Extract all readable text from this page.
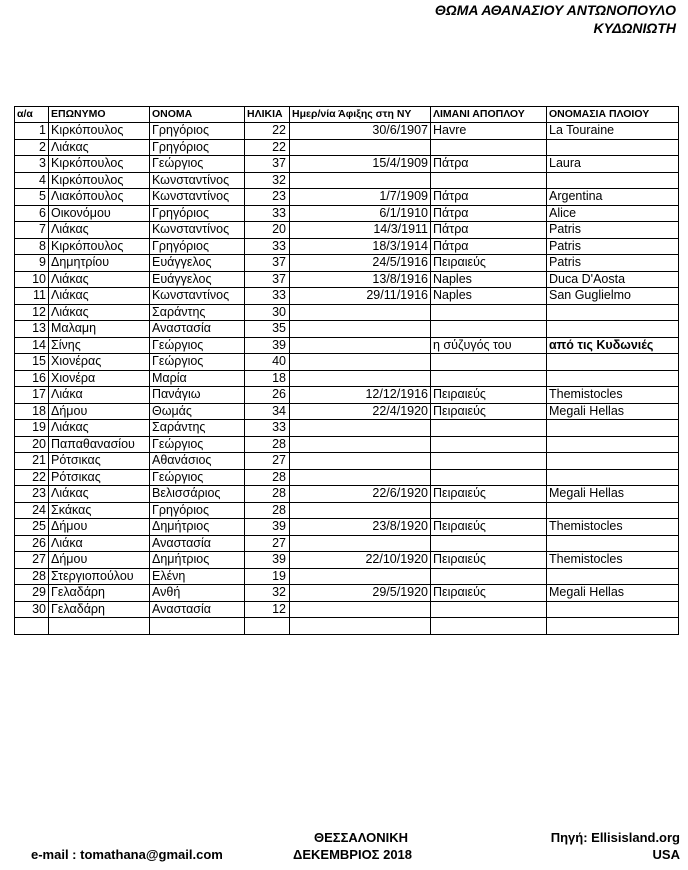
ΘΩΜΑ ΑΘΑΝΑΣΙΟΥ ΑΝΤΩΝΟΠΟΥΛΟ
ΚΥΔΩΝΙΩΤΗ
α/α	ΕΠΩΝΥΜΟ	ΟΝΟΜΑ	ΗΛΙΚΙΑ	Ημερ/νία Άφιξης στη ΝΥ	ΛΙΜΑΝΙ ΑΠΟΠΛΟΥ	ΟΝΟΜΑΣΙΑ ΠΛΟΙΟΥ
1	Κιρκόπουλος	Γρηγόριος	22	30/6/1907	Havre	La Touraine
2	Λιάκας	Γρηγόριος	22			
3	Κιρκόπουλος	Γεώργιος	37	15/4/1909	Πάτρα	Laura
4	Κιρκόπουλος	Κωνσταντίνος	32			
5	Λιακόπουλος	Κωνσταντίνος	23	1/7/1909	Πάτρα	Argentina
6	Οικονόμου	Γρηγόριος	33	6/1/1910	Πάτρα	Alice
7	Λιάκας	Κωνσταντίνος	20	14/3/1911	Πάτρα	Patris
8	Κιρκόπουλος	Γρηγόριος	33	18/3/1914	Πάτρα	Patris
9	Δημητρίου	Ευάγγελος	37	24/5/1916	Πειραιεύς	Patris
10	Λιάκας	Ευάγγελος	37	13/8/1916	Naples	Duca D'Aosta
11	Λιάκας	Κωνσταντίνος	33	29/11/1916	Naples	San Guglielmo
12	Λιάκας	Σαράντης	30			
13	Μαλαμη	Αναστασία	35			
14	Σίνης	Γεώργιος	39		η σύζυγός του	από τις Κυδωνιές
15	Χιονέρας	Γεώργιος	40			
16	Χιονέρα	Μαρία	18			
17	Λιάκα	Πανάγιω	26	12/12/1916	Πειραιεύς	Themistocles
18	Δήμου	Θωμάς	34	22/4/1920	Πειραιεύς	Megali Hellas
19	Λιάκας	Σαράντης	33			
20	Παπαθανασίου	Γεώργιος	28			
21	Ρότσικας	Αθανάσιος	27			
22	Ρότσικας	Γεώργιος	28			
23	Λιάκας	Βελισσάριος	28	22/6/1920	Πειραιεύς	Megali Hellas
24	Σκάκας	Γρηγόριος	28			
25	Δήμου	Δημήτριος	39	23/8/1920	Πειραιεύς	Themistocles
26	Λιάκα	Αναστασία	27			
27	Δήμου	Δημήτριος	39	22/10/1920	Πειραιεύς	Themistocles
28	Στεργιοπούλου	Ελένη	19			
29	Γελαδάρη	Ανθή	32	29/5/1920	Πειραιεύς	Megali Hellas
30	Γελαδάρη	Αναστασία	12			

e-mail : tomathana@gmail.com
ΘΕΣΣΑΛΟΝΙΚΗ
ΔΕΚΕΜΒΡΙΟΣ 2018
Πηγή: Ellisisland.org
USA
